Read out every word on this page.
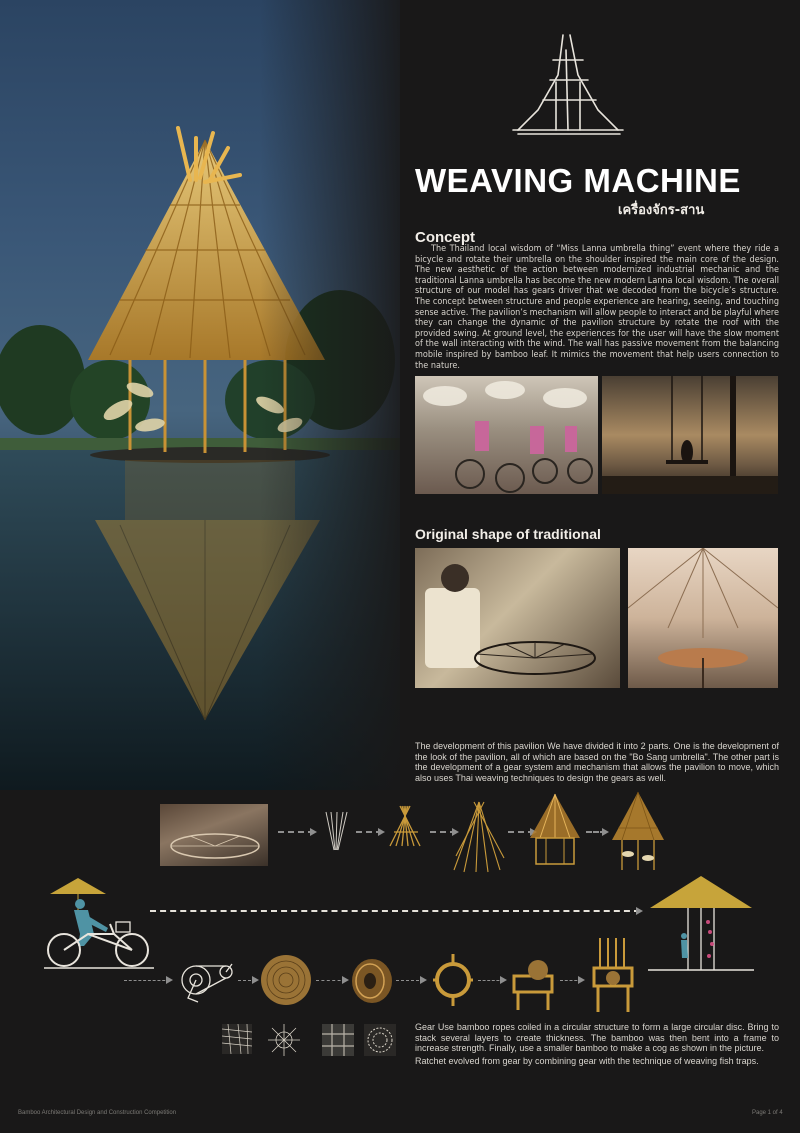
WEAVING MACHINE
เครื่องจักร-สาน
Concept
The Thailand local wisdom of “Miss Lanna umbrella thing” event where they ride a bicycle and rotate their umbrella on the shoulder inspired the main core of the design. The new aesthetic of the action between modernized industrial mechanic and the traditional Lanna umbrella has become the new modern Lanna local wisdom. The overall structure of our model has gears driver that we decoded from the bicycle’s structure. The concept between structure and people experience are hearing, seeing, and touching sense active. The pavilion’s mechanism will allow people to interact and be playful where they can change the dynamic of the pavilion structure by rotate the roof with the provided swing. At ground level, the experiences for the user will have the slow moment of the wall interacting with the wind. The wall has passive movement from the balancing mobile inspired by bamboo leaf. It mimics the movement that help users connection to the nature.
Original shape of traditional
The development of this pavilion We have divided it into 2 parts. One is the development of the look of the pavilion, all of which are based on the "Bo Sang umbrella". The other part is the development of a gear system and mechanism that allows the pavilion to move, which also uses Thai weaving techniques to design the gears as well.
Gear Use bamboo ropes coiled in a circular structure to form a large circular disc. Bring to stack several layers to create thickness. The bamboo was then bent into a frame to increase strength. Finally, use a smaller bamboo to make a cog as shown in the picture.
Ratchet evolved from gear by combining gear with the technique of weaving fish traps.
Bamboo Architectural Design and Construction Competition	Page 1 of 4
